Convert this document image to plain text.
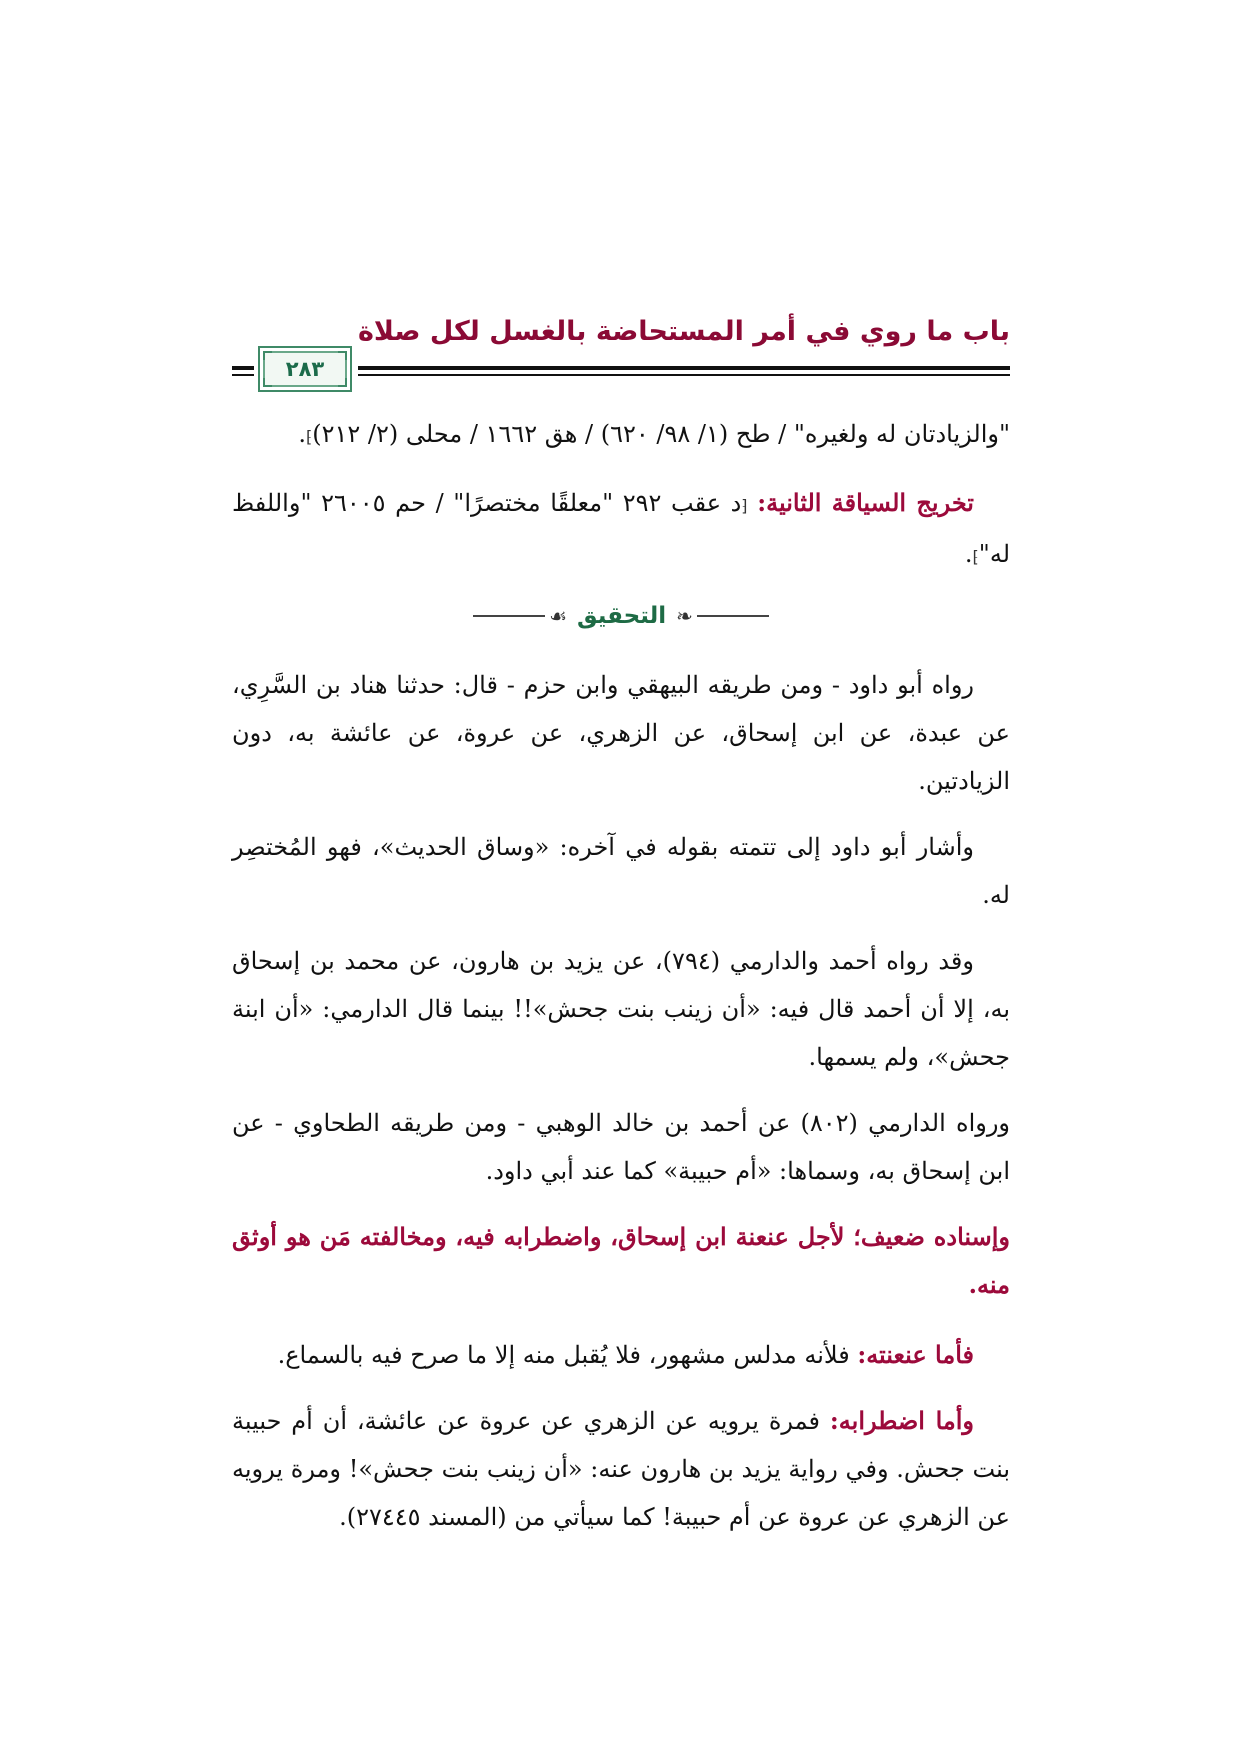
باب ما روي في أمر المستحاضة بالغسل لكل صلاة
٢٨٣

"والزيادتان له ولغيره" / طح (١/ ٩٨/ ٦٢٠) / هق ١٦٦٢ / محلى (٢/ ٢١٢)⁆.

تخريج السياقة الثانية: ⁅د عقب ٢٩٢ "معلقًا مختصرًا" / حم ٢٦٠٠٥ "واللفظ له"⁆.

❧
التحقيق
☙

رواه أبو داود - ومن طريقه البيهقي وابن حزم - قال: حدثنا هناد بن السَّرِي، عن عبدة، عن ابن إسحاق، عن الزهري، عن عروة، عن عائشة به، دون الزيادتين.

وأشار أبو داود إلى تتمته بقوله في آخره: «وساق الحديث»، فهو المُختصِر له.

وقد رواه أحمد والدارمي (٧٩٤)، عن يزيد بن هارون، عن محمد بن إسحاق به، إلا أن أحمد قال فيه: «أن زينب بنت جحش»!! بينما قال الدارمي: «أن ابنة جحش»، ولم يسمها.

ورواه الدارمي (٨٠٢) عن أحمد بن خالد الوهبي - ومن طريقه الطحاوي - عن ابن إسحاق به، وسماها: «أم حبيبة» كما عند أبي داود.

وإسناده ضعيف؛ لأجل عنعنة ابن إسحاق، واضطرابه فيه، ومخالفته مَن هو أوثق منه.

فأما عنعنته: فلأنه مدلس مشهور، فلا يُقبل منه إلا ما صرح فيه بالسماع.

وأما اضطرابه: فمرة يرويه عن الزهري عن عروة عن عائشة، أن أم حبيبة بنت جحش. وفي رواية يزيد بن هارون عنه: «أن زينب بنت جحش»! ومرة يرويه عن الزهري عن عروة عن أم حبيبة! كما سيأتي من (المسند ٢٧٤٤٥).
